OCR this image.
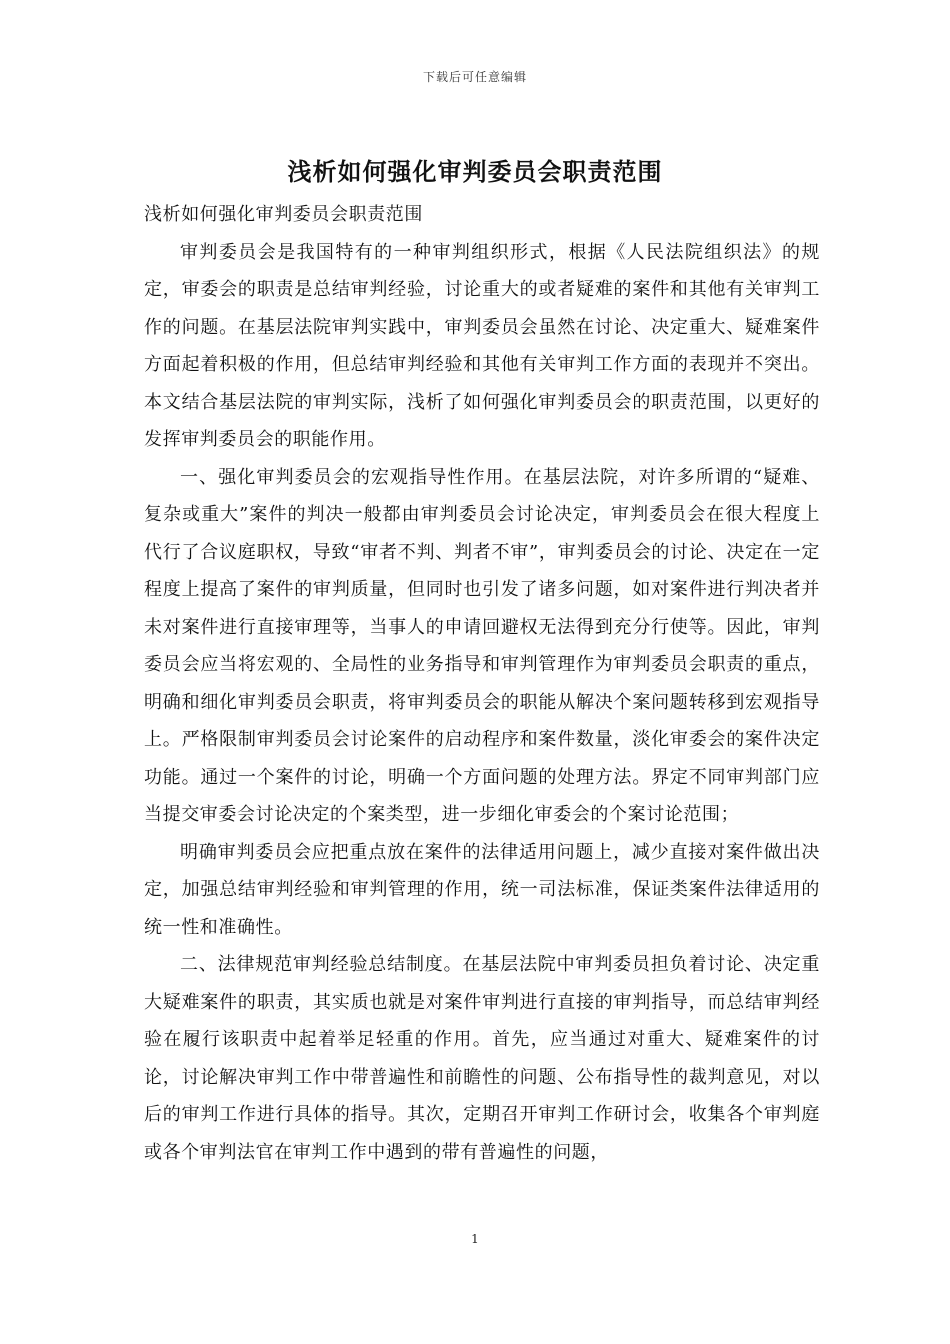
下载后可任意编辑
浅析如何强化审判委员会职责范围

浅析如何强化审判委员会职责范围

审判委员会是我国特有的一种审判组织形式，根据《人民法院组织法》的规定，审委会的职责是总结审判经验，讨论重大的或者疑难的案件和其他有关审判工作的问题。在基层法院审判实践中，审判委员会虽然在讨论、决定重大、疑难案件方面起着积极的作用，但总结审判经验和其他有关审判工作方面的表现并不突出。本文结合基层法院的审判实际，浅析了如何强化审判委员会的职责范围，以更好的发挥审判委员会的职能作用。

一、强化审判委员会的宏观指导性作用。在基层法院，对许多所谓的“疑难、复杂或重大”案件的判决一般都由审判委员会讨论决定，审判委员会在很大程度上代行了合议庭职权，导致“审者不判、判者不审”，审判委员会的讨论、决定在一定程度上提高了案件的审判质量，但同时也引发了诸多问题，如对案件进行判决者并未对案件进行直接审理等，当事人的申请回避权无法得到充分行使等。因此，审判委员会应当将宏观的、全局性的业务指导和审判管理作为审判委员会职责的重点，明确和细化审判委员会职责，将审判委员会的职能从解决个案问题转移到宏观指导上。严格限制审判委员会讨论案件的启动程序和案件数量，淡化审委会的案件决定功能。通过一个案件的讨论，明确一个方面问题的处理方法。界定不同审判部门应当提交审委会讨论决定的个案类型，进一步细化审委会的个案讨论范围；

明确审判委员会应把重点放在案件的法律适用问题上，减少直接对案件做出决定，加强总结审判经验和审判管理的作用，统一司法标准，保证类案件法律适用的统一性和准确性。

二、法律规范审判经验总结制度。在基层法院中审判委员担负着讨论、决定重大疑难案件的职责，其实质也就是对案件审判进行直接的审判指导，而总结审判经验在履行该职责中起着举足轻重的作用。首先，应当通过对重大、疑难案件的讨论，讨论解决审判工作中带普遍性和前瞻性的问题、公布指导性的裁判意见，对以后的审判工作进行具体的指导。其次，定期召开审判工作研讨会，收集各个审判庭或各个审判法官在审判工作中遇到的带有普遍性的问题，

1
